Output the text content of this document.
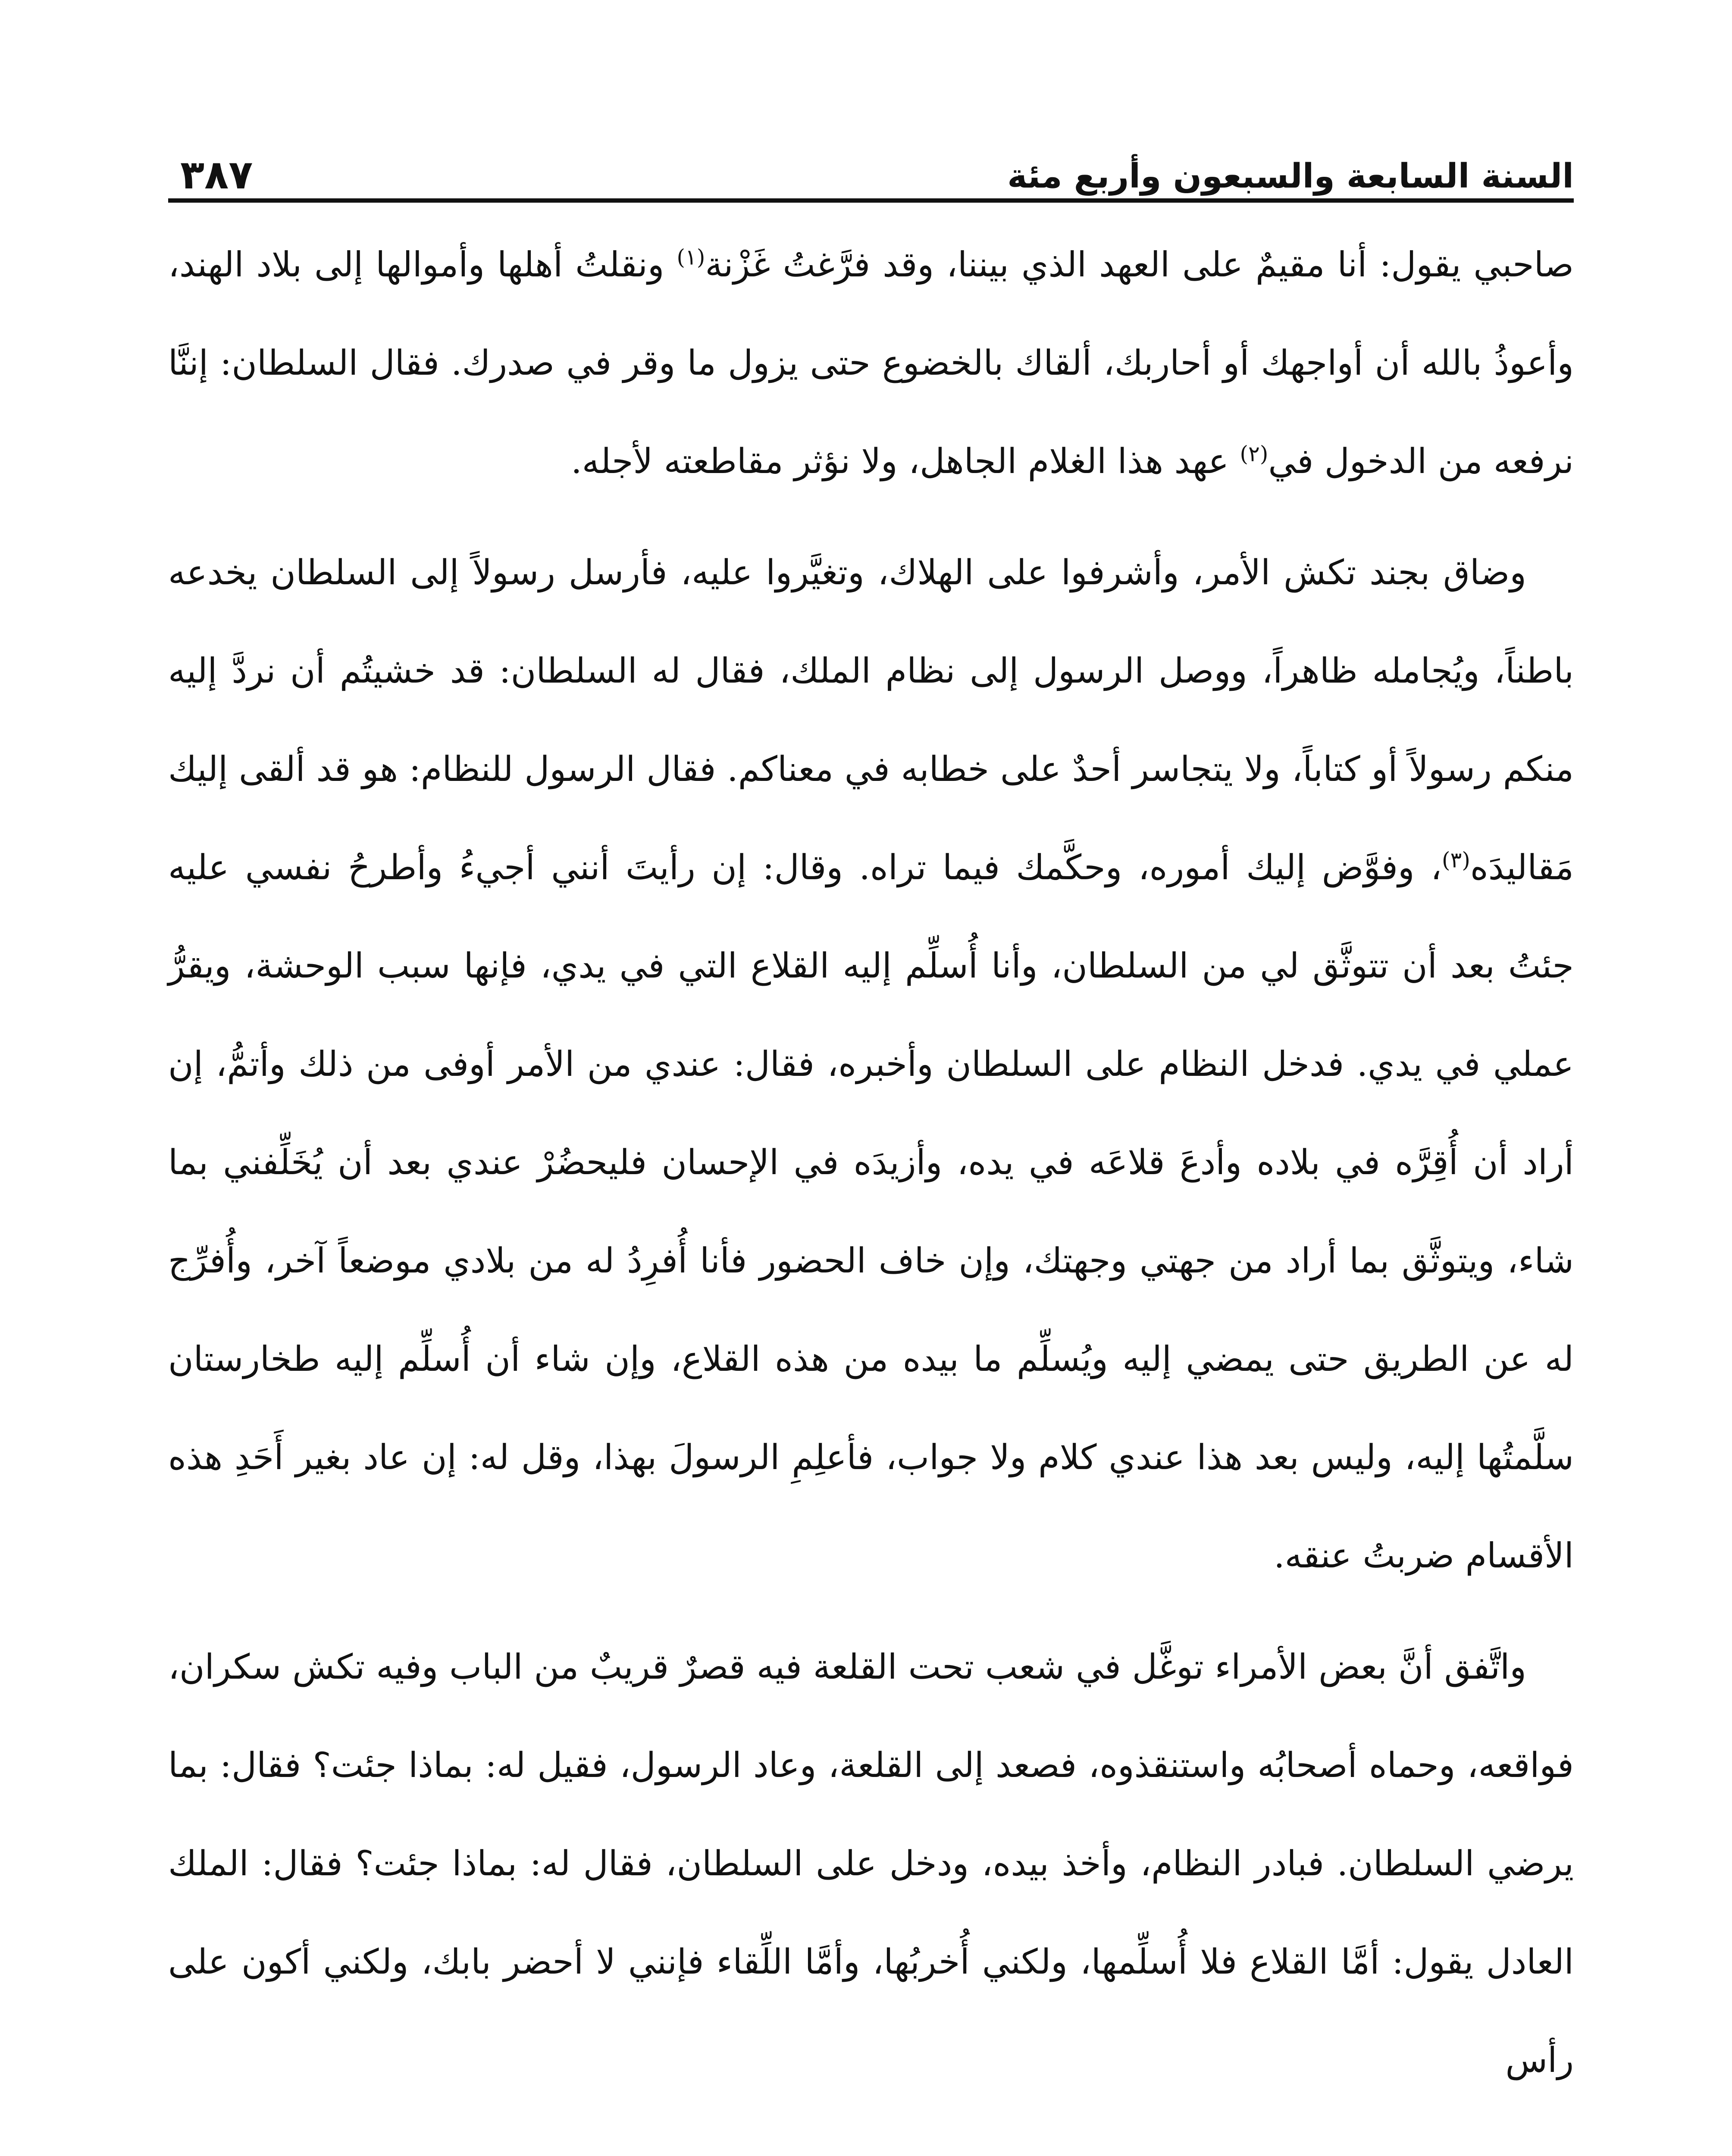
السنة السابعة والسبعون وأربع مئة
٣٨٧

صاحبي يقول: أنا مقيمٌ على العهد الذي بيننا، وقد فرَّغتُ غَزْنة$^{(١)}$ ونقلتُ أهلها وأموالها إلى بلاد الهند، وأعوذُ بالله أن أواجهك أو أحاربك، ألقاك بالخضوع حتى يزول ما وقر في صدرك. فقال السلطان: إننَّا نرفعه من الدخول في$^{(٢)}$ عهد هذا الغلام الجاهل، ولا نؤثر مقاطعته لأجله.

وضاق بجند تكش الأمر، وأشرفوا على الهلاك، وتغيَّروا عليه، فأرسل رسولاً إلى السلطان يخدعه باطناً، ويُجامله ظاهراً، ووصل الرسول إلى نظام الملك، فقال له السلطان: قد خشيتُم أن نردَّ إليه منكم رسولاً أو كتاباً، ولا يتجاسر أحدٌ على خطابه في معناكم. فقال الرسول للنظام: هو قد ألقى إليك مَقاليدَه$^{(٣)}$، وفوَّض إليك أموره، وحكَّمك فيما تراه. وقال: إن رأيتَ أنني أجيءُ وأطرحُ نفسي عليه جئتُ بعد أن تتوثَّق لي من السلطان، وأنا أُسلِّم إليه القلاع التي في يدي، فإنها سبب الوحشة، ويقرُّ عملي في يدي. فدخل النظام على السلطان وأخبره، فقال: عندي من الأمر أوفى من ذلك وأتمُّ، إن أراد أن أُقِرَّه في بلاده وأدعَ قلاعَه في يده، وأزيدَه في الإحسان فليحضُرْ عندي بعد أن يُخَلِّفني بما شاء، ويتوثَّق بما أراد من جهتي وجهتك، وإن خاف الحضور فأنا أُفرِدُ له من بلادي موضعاً آخر، وأُفرِّج له عن الطريق حتى يمضي إليه ويُسلِّم ما بيده من هذه القلاع، وإن شاء أن أُسلِّم إليه طخارستان سلَّمتُها إليه، وليس بعد هذا عندي كلام ولا جواب، فأعلِمِ الرسولَ بهذا، وقل له: إن عاد بغير أَحَدِ هذه الأقسام ضربتُ عنقه.

واتَّفق أنَّ بعض الأمراء توغَّل في شعب تحت القلعة فيه قصرٌ قريبٌ من الباب وفيه تكش سكران، فواقعه، وحماه أصحابُه واستنقذوه، فصعد إلى القلعة، وعاد الرسول، فقيل له: بماذا جئت؟ فقال: بما يرضي السلطان. فبادر النظام، وأخذ بيده، ودخل على السلطان، فقال له: بماذا جئت؟ فقال: الملك العادل يقول: أمَّا القلاع فلا أُسلِّمها، ولكني أُخربُها، وأمَّا اللِّقاء فإنني لا أحضر بابك، ولكني أكون على رأس
